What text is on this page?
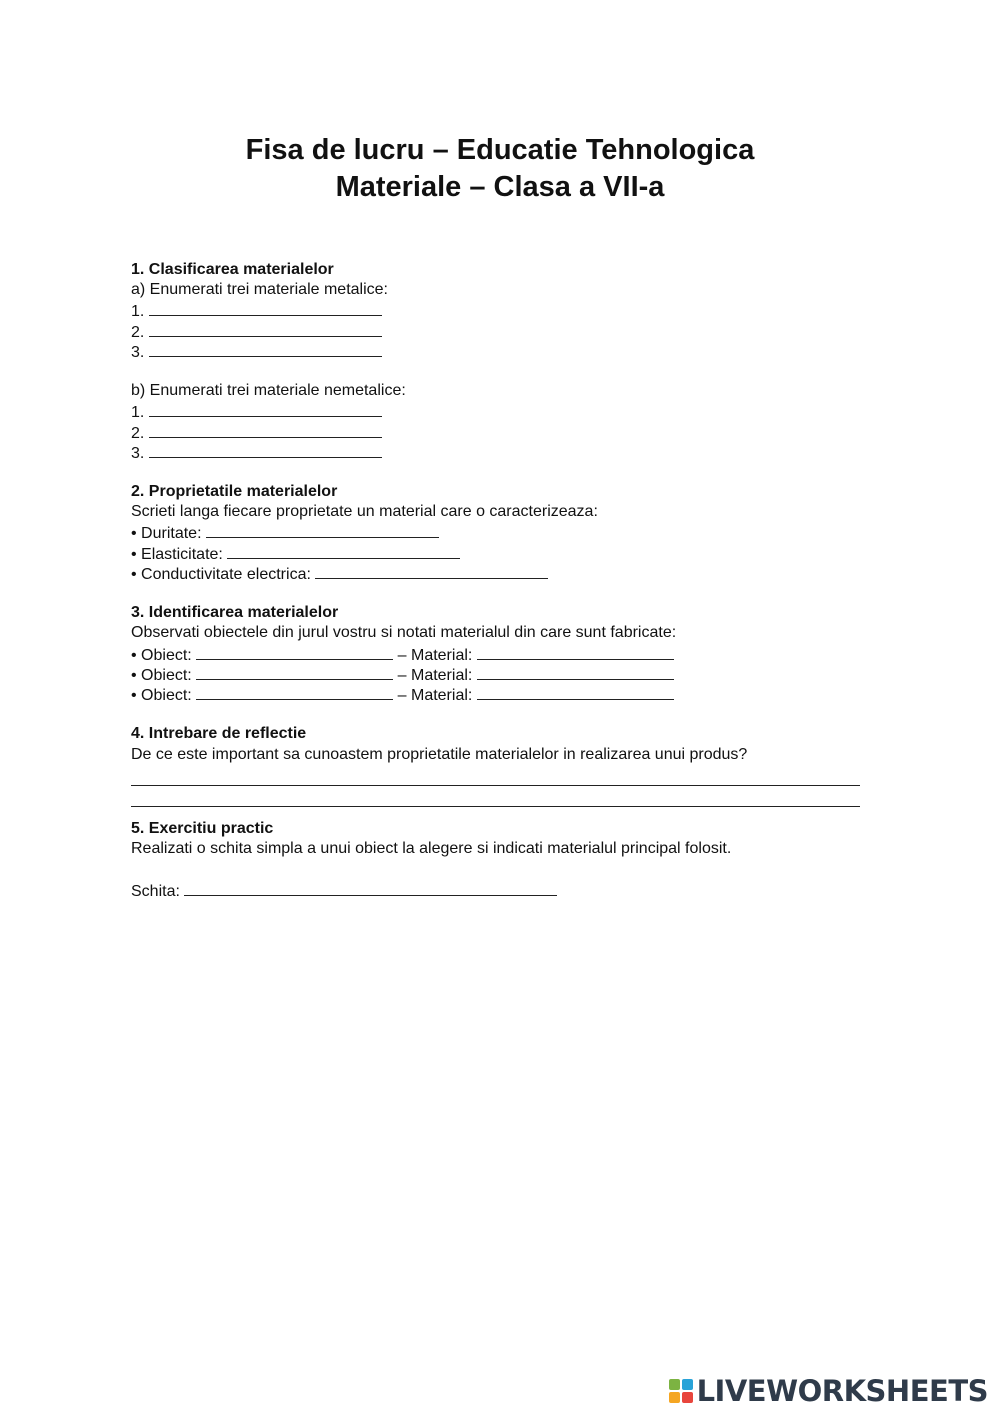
Fisa de lucru – Educatie Tehnologica
Materiale – Clasa a VII-a
1. Clasificarea materialelor
a) Enumerati trei materiale metalice:
1.
2.
3.
b) Enumerati trei materiale nemetalice:
1.
2.
3.
2. Proprietatile materialelor
Scrieti langa fiecare proprietate un material care o caracterizeaza:
• Duritate:
• Elasticitate:
• Conductivitate electrica:
3. Identificarea materialelor
Observati obiectele din jurul vostru si notati materialul din care sunt fabricate:
• Obiect:	– Material:
• Obiect:	– Material:
• Obiect:	– Material:
4. Intrebare de reflectie
De ce este important sa cunoastem proprietatile materialelor in realizarea unui produs?
5. Exercitiu practic
Realizati o schita simpla a unui obiect la alegere si indicati materialul principal folosit.
Schita:
LIVEWORKSHEETS
